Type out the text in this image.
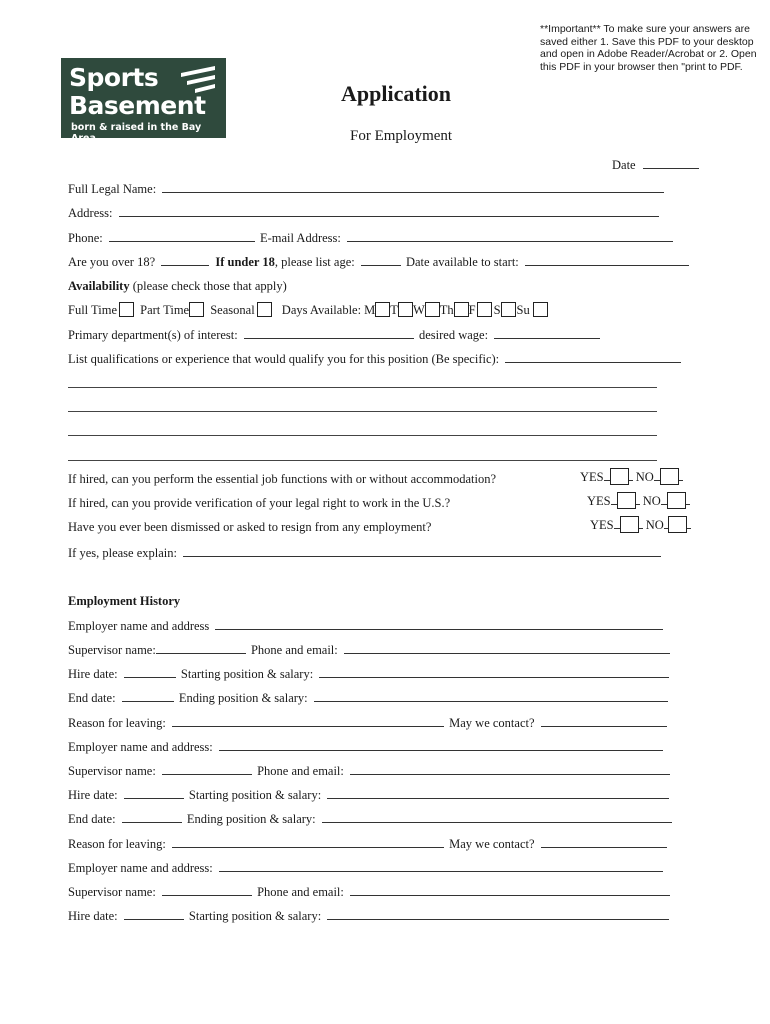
**Important** To make sure your answers are
saved either 1. Save this PDF to your desktop
and open in Adobe Reader/Acrobat or 2. Open
this PDF in your browser then "print to PDF.
Sports
Basement
born & raised in the Bay Area
Application
For Employment
Date
Full Legal Name:
Address:
Phone:	E-mail Address:
Are you over 18?	If under 18, please list age:	Date available to start:
Availability (please check those that apply)
Full Time Part Time Seasonal Days Available: M T W Th F S Su
Primary department(s) of interest:	desired wage:
List qualifications or experience that would qualify you for this position (Be specific):
If hired, can you perform the essential job functions with or without accommodation?	YES	NO
If hired, can you provide verification of your legal right to work in the U.S.?	YES	NO
Have you ever been dismissed or asked to resign from any employment?	YES	NO
If yes, please explain:
Employment History
Employer name and address
Supervisor name:	Phone and email:
Hire date:	Starting position & salary:
End date:	Ending position & salary:
Reason for leaving:	May we contact?
Employer name and address:
Supervisor name:	Phone and email:
Hire date:	Starting position & salary:
End date:	Ending position & salary:
Reason for leaving:	May we contact?
Employer name and address:
Supervisor name:	Phone and email:
Hire date:	Starting position & salary:
